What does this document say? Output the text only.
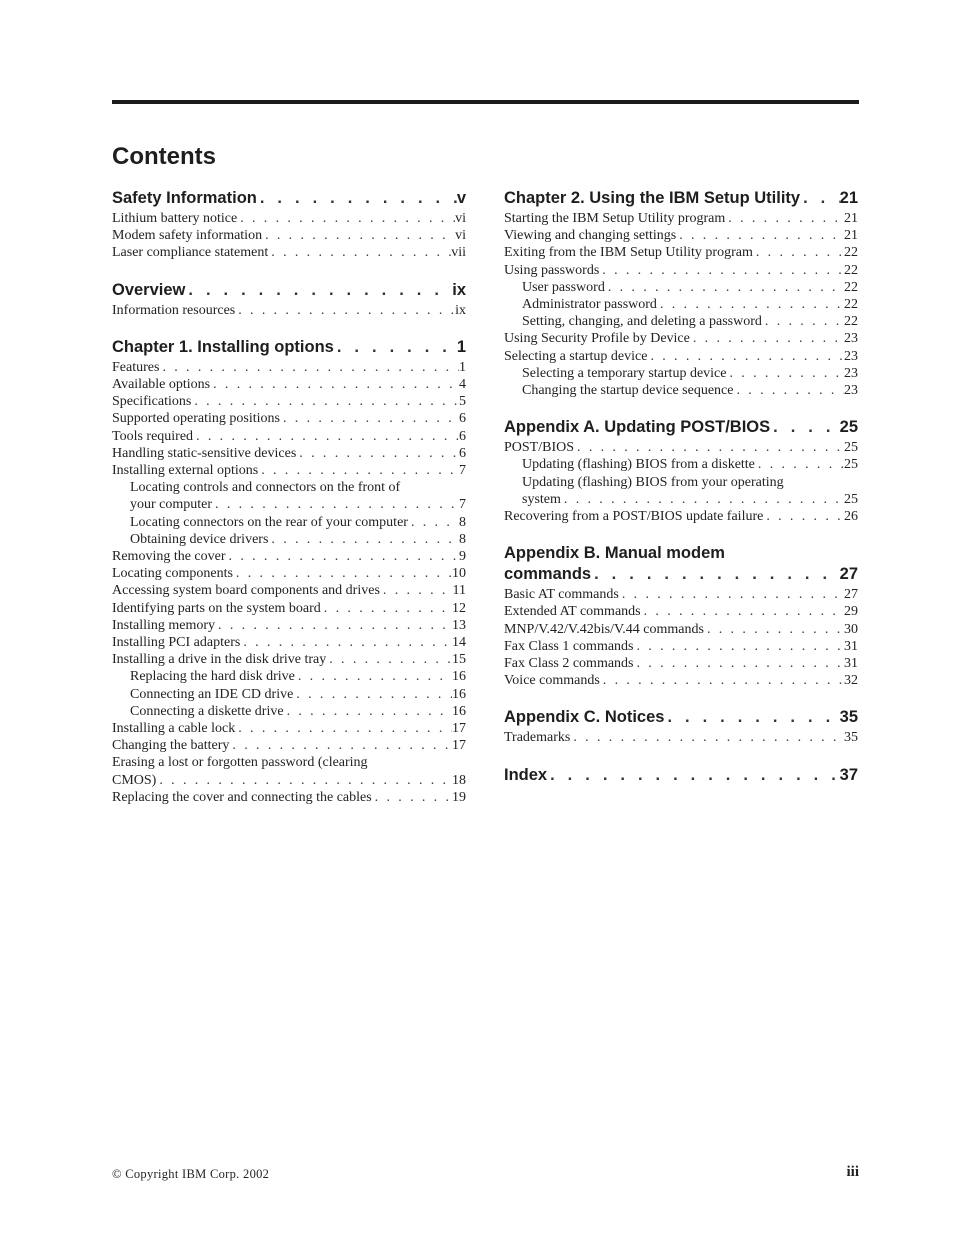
Contents
Safety Information . . .	v
Lithium battery notice . . .	vi
Modem safety information . . .	vi
Laser compliance statement . . .	vii
Overview . . .	ix
Information resources . . .	ix
Chapter 1. Installing options . . .	1
Features . . .	1
Available options . . .	4
Specifications . . .	5
Supported operating positions . . .	6
Tools required . . .	6
Handling static-sensitive devices . . .	6
Installing external options . . .	7
Locating controls and connectors on the front of
your computer . . .	7
Locating connectors on the rear of your computer . . .	8
Obtaining device drivers . . .	8
Removing the cover . . .	9
Locating components . . .	10
Accessing system board components and drives . . .	11
Identifying parts on the system board . . .	12
Installing memory . . .	13
Installing PCI adapters . . .	14
Installing a drive in the disk drive tray . . .	15
Replacing the hard disk drive . . .	16
Connecting an IDE CD drive . . .	16
Connecting a diskette drive . . .	16
Installing a cable lock . . .	17
Changing the battery . . .	17
Erasing a lost or forgotten password (clearing
CMOS) . . .	18
Replacing the cover and connecting the cables . . .	19
Chapter 2. Using the IBM Setup Utility . . . 21
Starting the IBM Setup Utility program . . .	21
Viewing and changing settings . . .	21
Exiting from the IBM Setup Utility program . . .	22
Using passwords . . .	22
User password . . .	22
Administrator password . . .	22
Setting, changing, and deleting a password . . .	22
Using Security Profile by Device . . .	23
Selecting a startup device . . .	23
Selecting a temporary startup device . . .	23
Changing the startup device sequence . . .	23
Appendix A. Updating POST/BIOS . . .	25
POST/BIOS . . .	25
Updating (flashing) BIOS from a diskette . . .	25
Updating (flashing) BIOS from your operating
system . . .	25
Recovering from a POST/BIOS update failure . . .	26
Appendix B. Manual modem
commands . . .	27
Basic AT commands . . .	27
Extended AT commands . . .	29
MNP/V.42/V.42bis/V.44 commands . . .	30
Fax Class 1 commands . . .	31
Fax Class 2 commands . . .	31
Voice commands . . .	32
Appendix C. Notices . . .	35
Trademarks . . .	35
Index . . .	37
© Copyright IBM Corp. 2002	iii
